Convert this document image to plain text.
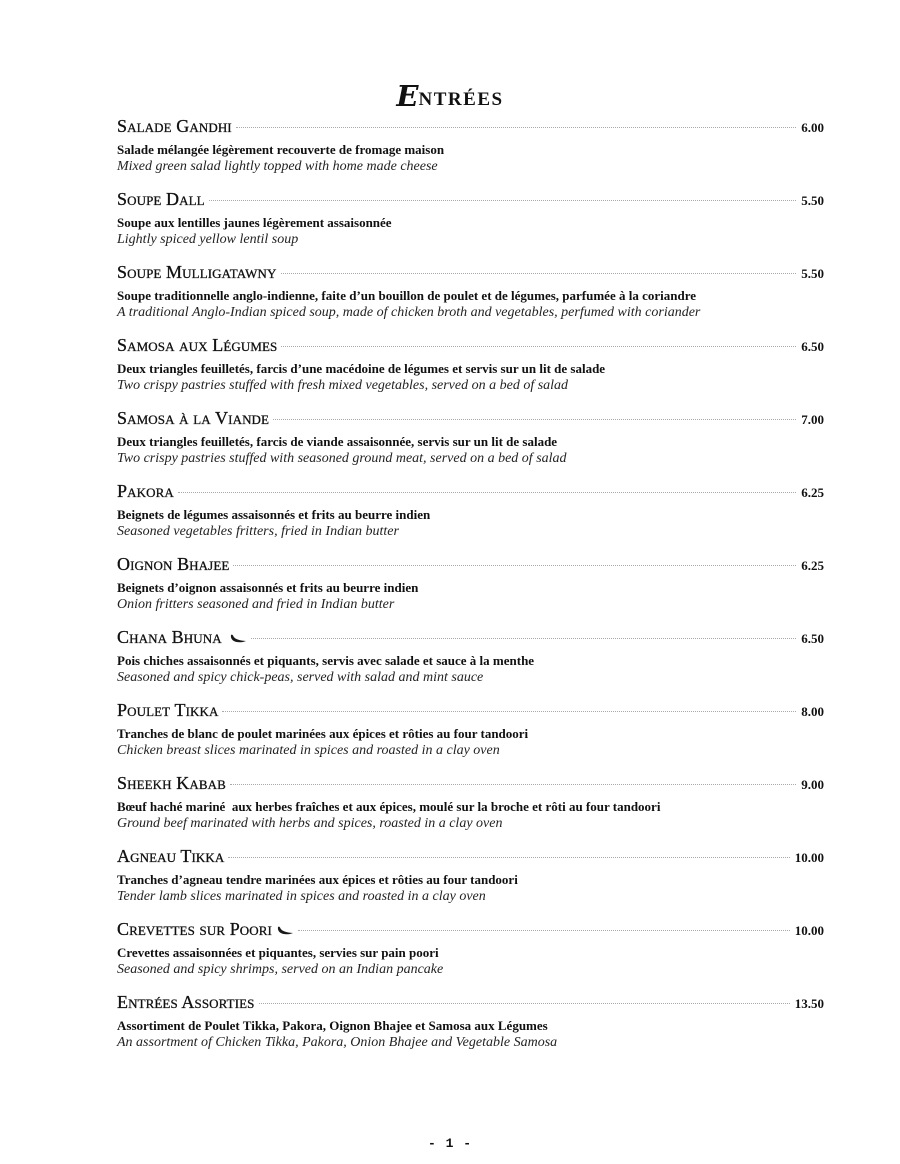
ENTRÉES
Salade Gandhi	6.00
Salade mélangée légèrement recouverte de fromage maison
Mixed green salad lightly topped with home made cheese
Soupe Dall	5.50
Soupe aux lentilles jaunes légèrement assaisonnée
Lightly spiced yellow lentil soup
Soupe Mulligatawny	5.50
Soupe traditionnelle anglo-indienne, faite d’un bouillon de poulet et de légumes, parfumée à la coriandre
A traditional Anglo-Indian spiced soup, made of chicken broth and vegetables, perfumed with coriander
Samosa aux Légumes	6.50
Deux triangles feuilletés, farcis d’une macédoine de légumes et servis sur un lit de salade
Two crispy pastries stuffed with fresh mixed vegetables, served on a bed of salad
Samosa à la Viande	7.00
Deux triangles feuilletés, farcis de viande assaisonnée, servis sur un lit de salade
Two crispy pastries stuffed with seasoned ground meat, served on a bed of salad
Pakora	6.25
Beignets de légumes assaisonnés et frits au beurre indien
Seasoned vegetables fritters, fried in Indian butter
Oignon Bhajee	6.25
Beignets d’oignon assaisonnés et frits au beurre indien
Onion fritters seasoned and fried in Indian butter
Chana Bhuna	6.50
Pois chiches assaisonnés et piquants, servis avec salade et sauce à la menthe
Seasoned and spicy chick-peas, served with salad and mint sauce
Poulet Tikka	8.00
Tranches de blanc de poulet marinées aux épices et rôties au four tandoori
Chicken breast slices marinated in spices and roasted in a clay oven
Sheekh Kabab	9.00
Bœuf haché mariné  aux herbes fraîches et aux épices, moulé sur la broche et rôti au four tandoori
Ground beef marinated with herbs and spices, roasted in a clay oven
Agneau Tikka	10.00
Tranches d’agneau tendre marinées aux épices et rôties au four tandoori
Tender lamb slices marinated in spices and roasted in a clay oven
Crevettes sur Poori	10.00
Crevettes assaisonnées et piquantes, servies sur pain poori
Seasoned and spicy shrimps, served on an Indian pancake
Entrées Assorties	13.50
Assortiment de Poulet Tikka, Pakora, Oignon Bhajee et Samosa aux Légumes
An assortment of Chicken Tikka, Pakora, Onion Bhajee and Vegetable Samosa
- 1 -
